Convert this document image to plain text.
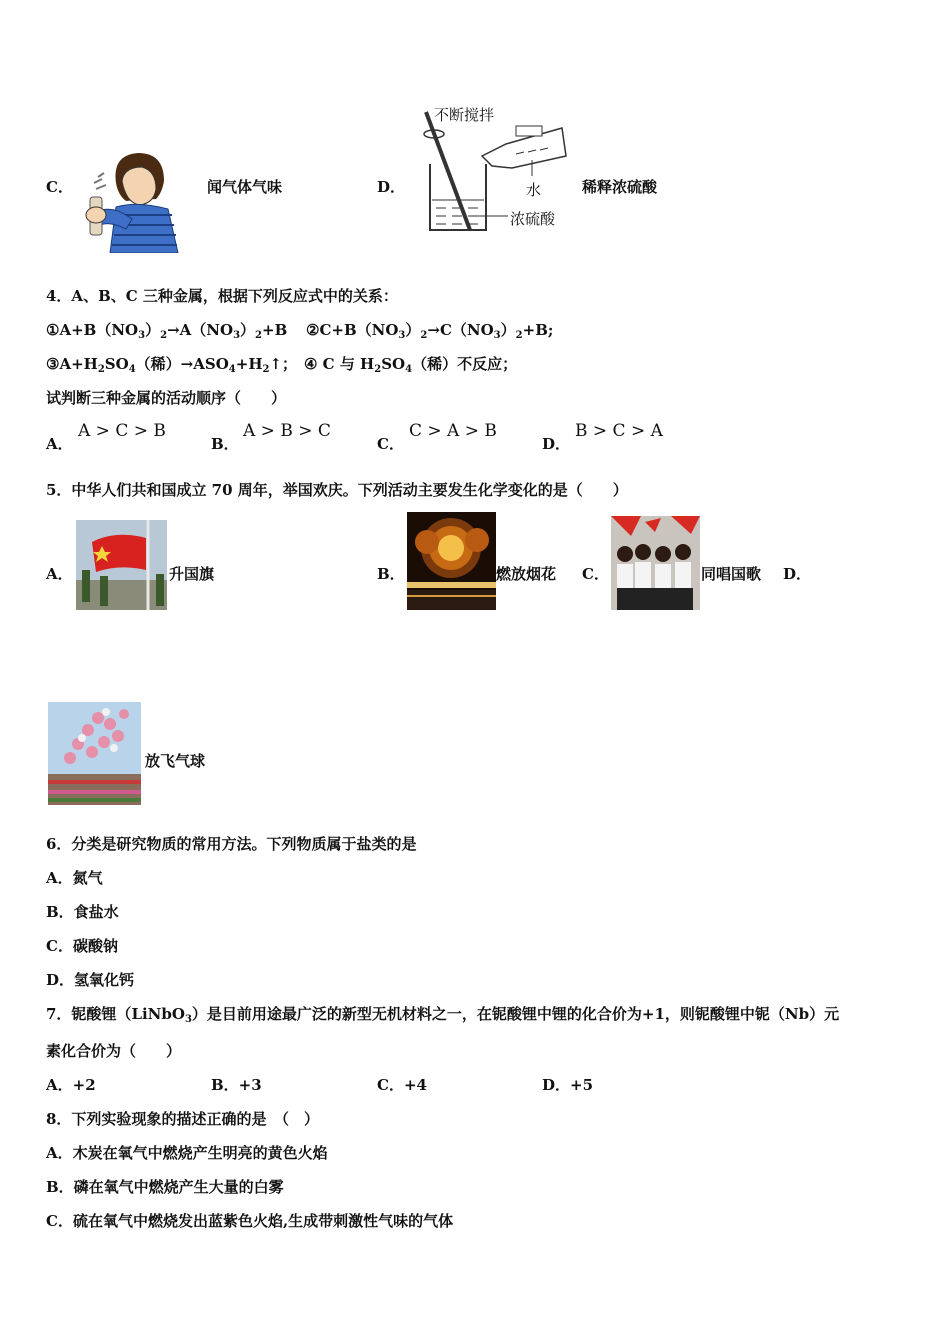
C．	闻气体气味	D．
不断搅拌
水
浓硫酸
稀释浓硫酸
4．A、B、C 三种金属，根据下列反应式中的关系：
$①A+B(NO_3)_2\to A(NO_3)_2+B$ $②C+B(NO_3)_2\to C(NO_3)_2+B$;
$③A+H_2SO_4$（稀）$\to ASO_4+H_2↑$； ④ C 与 $H_2SO_4$（稀）不反应；
试判断三种金属的活动顺序（　　）
A．
A > C > B
B．
A > B > C
C．
C > A > B
D．
B > C > A
5．中华人们共和国成立 70 周年，举国欢庆。下列活动主要发生化学变化的是（　　）
A．	升国旗	B．	燃放烟花 C．	同唱国歌 D．
放飞气球
6．分类是研究物质的常用方法。下列物质属于盐类的是
A．氮气
B．食盐水
C．碳酸钠
D．氢氧化钙
7．铌酸锂（LiNbO$_3$）是目前用途最广泛的新型无机材料之一，在铌酸锂中锂的化合价为+1，则铌酸锂中铌（Nb）元
素化合价为（　　）
A．+2	B．+3	C．+4	D．+5
8．下列实验现象的描述正确的是　（　）
A．木炭在氧气中燃烧产生明亮的黄色火焰
B．磷在氧气中燃烧产生大量的白雾
C．硫在氧气中燃烧发出蓝紫色火焰,生成带刺激性气味的气体
